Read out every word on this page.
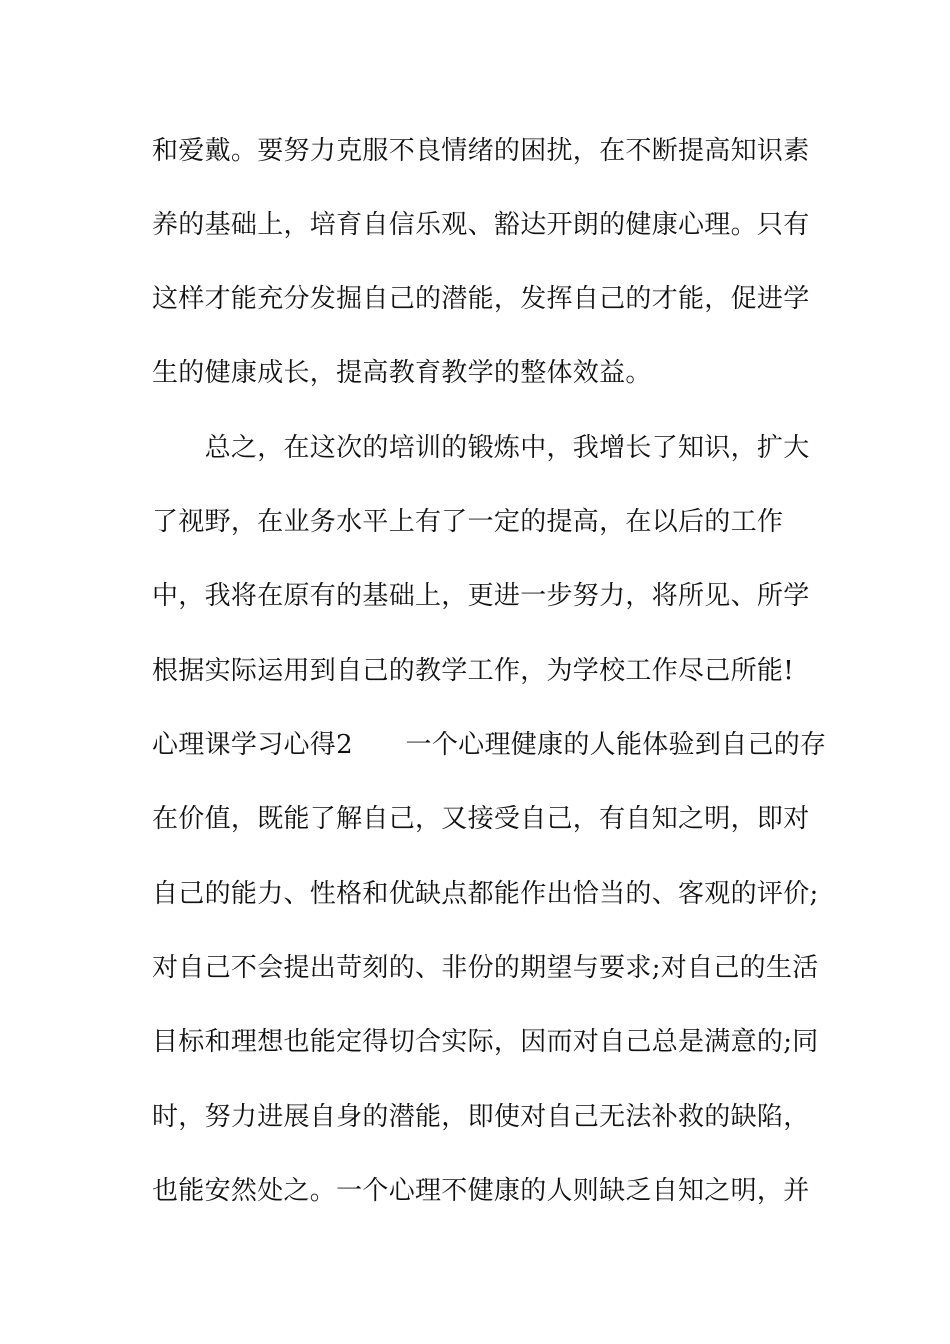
和爱戴。要努力克服不良情绪的困扰，在不断提高知识素
养的基础上，培育自信乐观、豁达开朗的健康心理。只有
这样才能充分发掘自己的潜能，发挥自己的才能，促进学
生的健康成长，提高教育教学的整体效益。
　　总之，在这次的培训的锻炼中，我增长了知识，扩大
了视野，在业务水平上有了一定的提高，在以后的工作
中，我将在原有的基础上，更进一步努力，将所见、所学
根据实际运用到自己的教学工作，为学校工作尽己所能!
心理课学习心得2　　一个心理健康的人能体验到自己的存
在价值，既能了解自己，又接受自己，有自知之明，即对
自己的能力、性格和优缺点都能作出恰当的、客观的评价;
对自己不会提出苛刻的、非份的期望与要求;对自己的生活
目标和理想也能定得切合实际，因而对自己总是满意的;同
时，努力进展自身的潜能，即使对自己无法补救的缺陷，
也能安然处之。一个心理不健康的人则缺乏自知之明，并
